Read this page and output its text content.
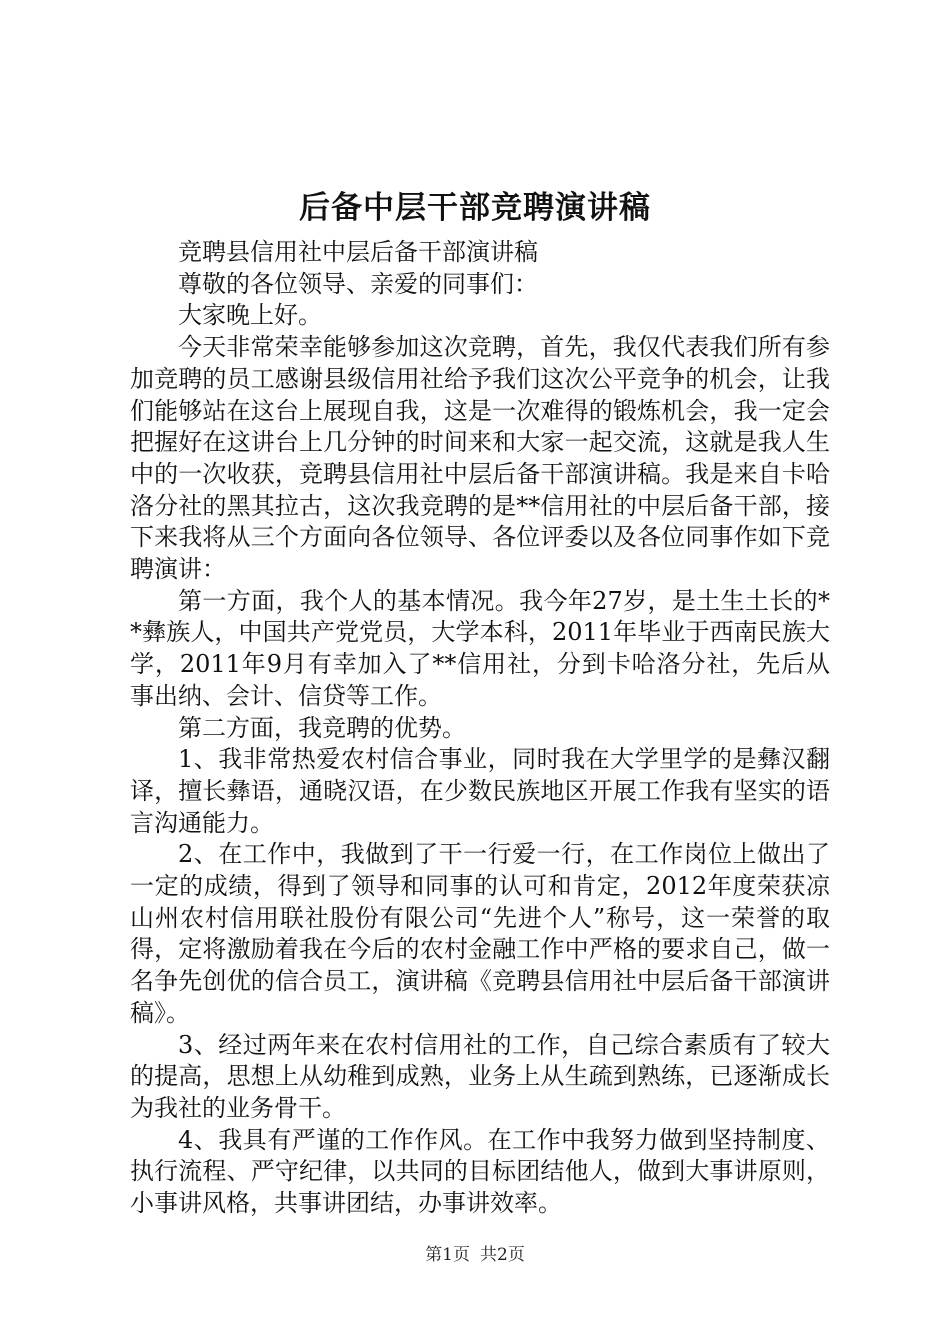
后备中层干部竞聘演讲稿

竞聘县信用社中层后备干部演讲稿

尊敬的各位领导、亲爱的同事们：

大家晚上好。

今天非常荣幸能够参加这次竞聘，首先，我仅代表我们所有参加竞聘的员工感谢县级信用社给予我们这次公平竞争的机会，让我们能够站在这台上展现自我，这是一次难得的锻炼机会，我一定会把握好在这讲台上几分钟的时间来和大家一起交流，这就是我人生中的一次收获，竞聘县信用社中层后备干部演讲稿。我是来自卡哈洛分社的黑其拉古，这次我竞聘的是**信用社的中层后备干部，接下来我将从三个方面向各位领导、各位评委以及各位同事作如下竞聘演讲：

第一方面，我个人的基本情况。我今年27岁，是土生土长的**彝族人，中国共产党党员，大学本科，2011年毕业于西南民族大学，2011年9月有幸加入了**信用社，分到卡哈洛分社，先后从事出纳、会计、信贷等工作。

第二方面，我竞聘的优势。

1、我非常热爱农村信合事业，同时我在大学里学的是彝汉翻译，擅长彝语，通晓汉语，在少数民族地区开展工作我有坚实的语言沟通能力。

2、在工作中，我做到了干一行爱一行，在工作岗位上做出了一定的成绩，得到了领导和同事的认可和肯定，2012年度荣获凉山州农村信用联社股份有限公司“先进个人”称号，这一荣誉的取得，定将激励着我在今后的农村金融工作中严格的要求自己，做一名争先创优的信合员工，演讲稿《竞聘县信用社中层后备干部演讲稿》。

3、经过两年来在农村信用社的工作，自己综合素质有了较大的提高，思想上从幼稚到成熟，业务上从生疏到熟练，已逐渐成长为我社的业务骨干。

4、我具有严谨的工作作风。在工作中我努力做到坚持制度、执行流程、严守纪律，以共同的目标团结他人，做到大事讲原则，小事讲风格，共事讲团结，办事讲效率。

第1页 共2页
